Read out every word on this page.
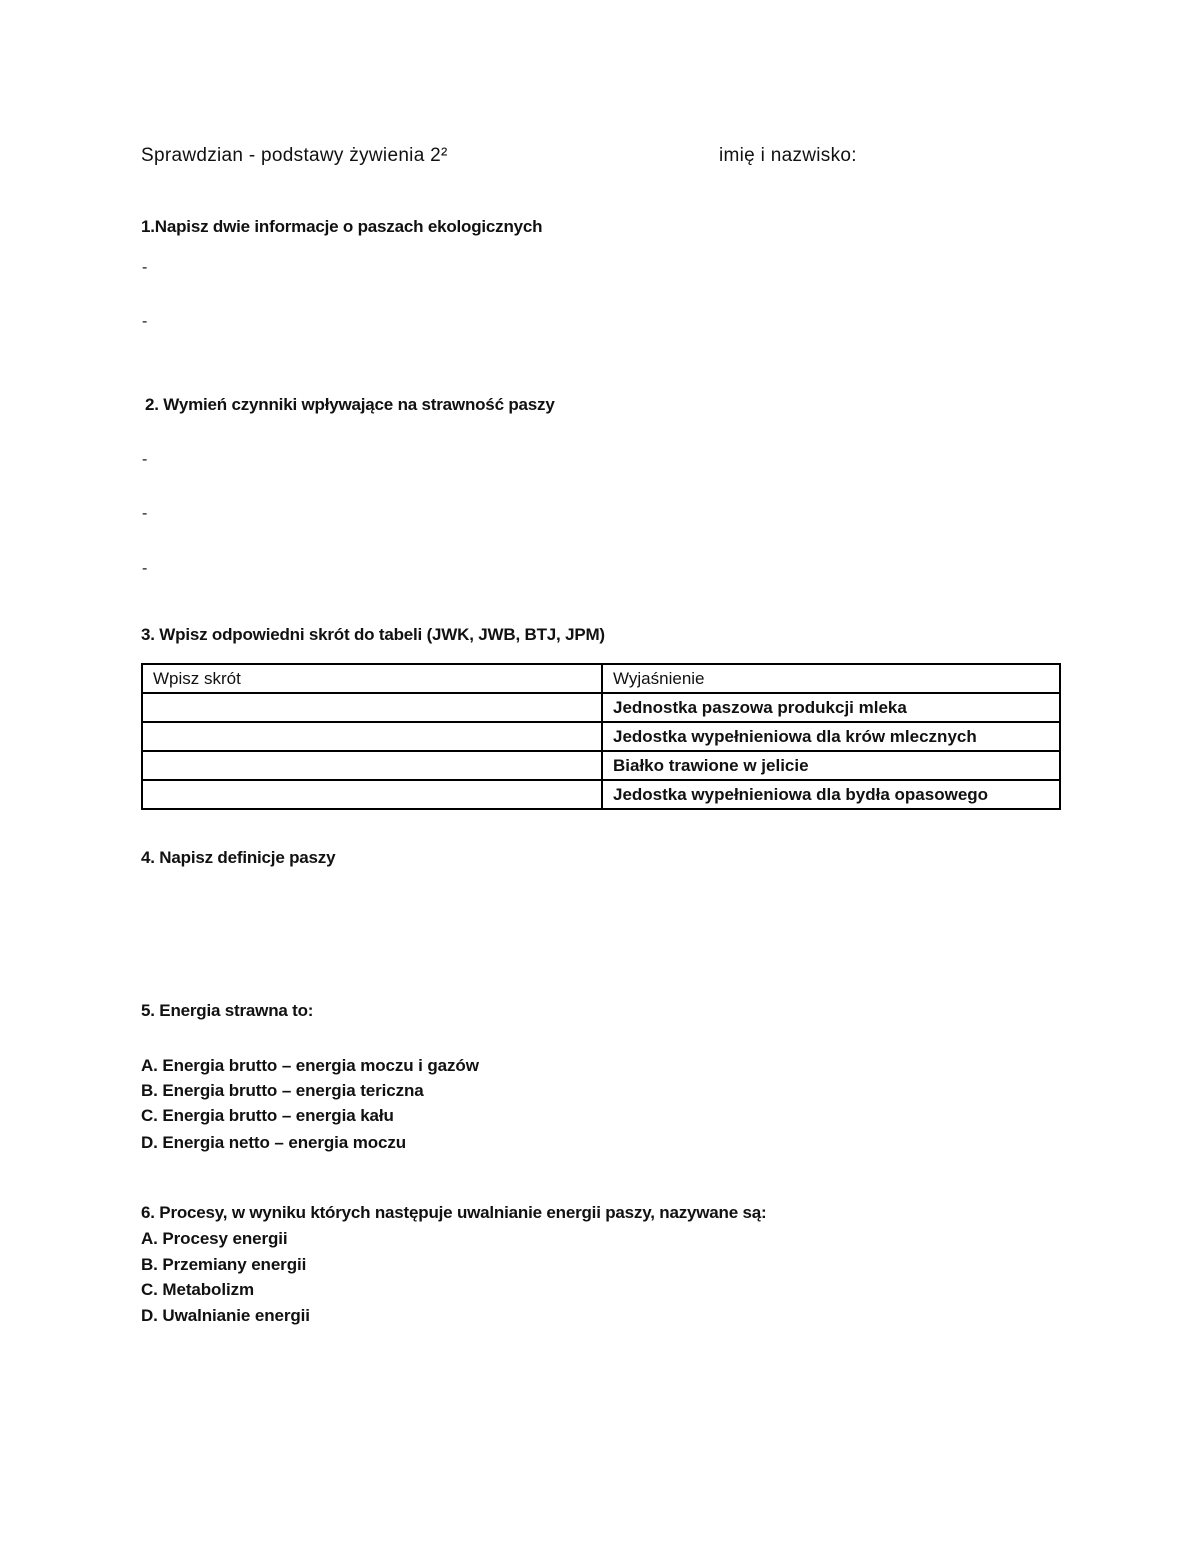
Sprawdzian - podstawy żywienia 2²	imię i nazwisko:
1.Napisz dwie informacje o paszach ekologicznych
-
-
2. Wymień czynniki wpływające na strawność paszy
-
-
-
3. Wpisz odpowiedni skrót do tabeli (JWK, JWB, BTJ, JPM)
Wpisz skrót	Wyjaśnienie
	Jednostka paszowa produkcji mleka
	Jedostka wypełnieniowa dla krów mlecznych
	Białko trawione w jelicie
	Jedostka wypełnieniowa dla bydła opasowego
4. Napisz definicje paszy
5. Energia strawna to:
A. Energia brutto – energia moczu i gazów
B. Energia brutto – energia tericzna
C. Energia brutto – energia kału
D. Energia netto – energia moczu
6. Procesy, w wyniku których następuje uwalnianie energii paszy, nazywane są:
A. Procesy energii
B. Przemiany energii
C. Metabolizm
D. Uwalnianie energii
